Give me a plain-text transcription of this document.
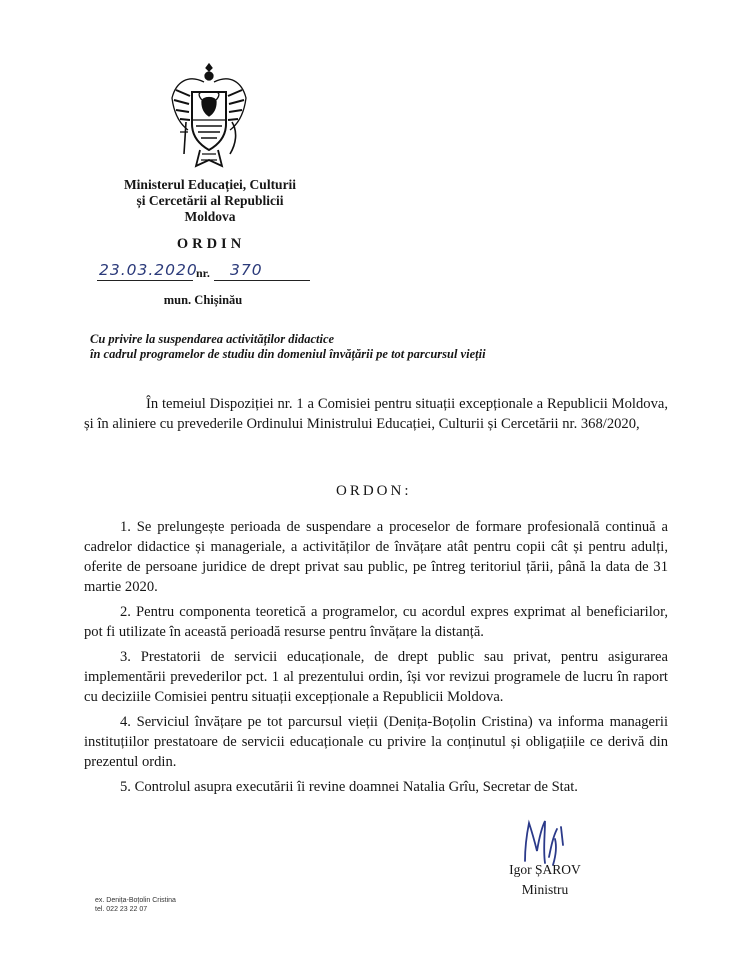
Ministerul Educației, Culturii
și Cercetării al Republicii Moldova
ORDIN
23.03.2020
nr. 370
mun. Chișinău
Cu privire la suspendarea activităților didactice
în cadrul programelor de studiu din domeniul învățării pe tot parcursul vieții

În temeiul Dispoziției nr. 1 a Comisiei pentru situații excepționale a Republicii Moldova, și în aliniere cu prevederile Ordinului Ministrului Educației, Culturii și Cercetării nr. 368/2020,

ORDON:
1. Se prelungește perioada de suspendare a proceselor de formare profesională continuă a cadrelor didactice și manageriale, a activităților de învățare atât pentru copii cât și pentru adulți, oferite de persoane juridice de drept privat sau public, pe întreg teritoriul țării, până la data de 31 martie 2020.
2. Pentru componenta teoretică a programelor, cu acordul expres exprimat al beneficiarilor, pot fi utilizate în această perioadă resurse pentru învățare la distanță.
3. Prestatorii de servicii educaționale, de drept public sau privat, pentru asigurarea implementării prevederilor pct. 1 al prezentului ordin, își vor revizui programele de lucru în raport cu deciziile Comisiei pentru situații excepționale a Republicii Moldova.
4. Serviciul învățare pe tot parcursul vieții (Denița-Boțolin Cristina) va informa managerii instituțiilor prestatoare de servicii educaționale cu privire la conținutul și obligațiile ce derivă din prezentul ordin.
5. Controlul asupra executării îi revine doamnei Natalia Grîu, Secretar de Stat.
Igor ȘAROV
Ministru
ex. Denița-Boțolin Cristina
tel. 022 23 22 07
